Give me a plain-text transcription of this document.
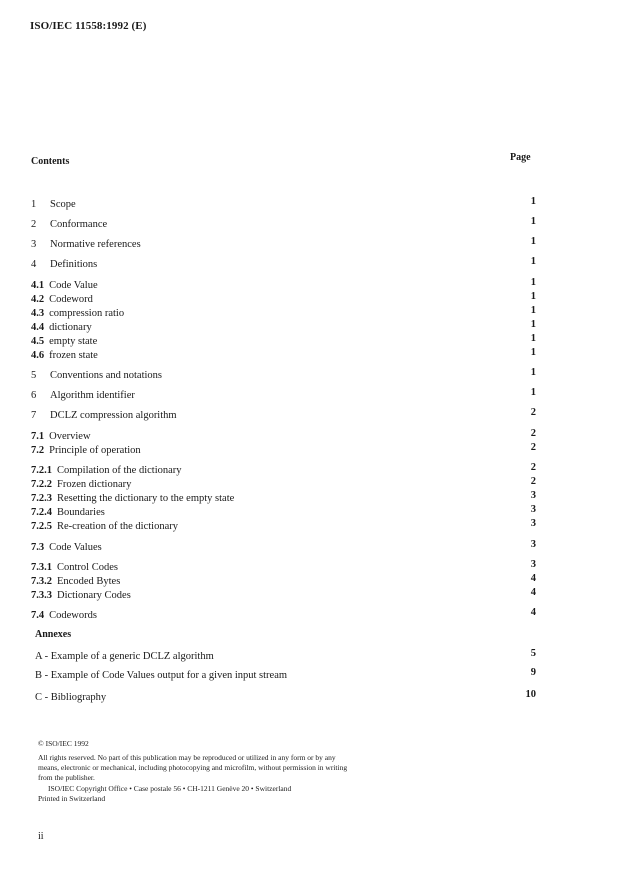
ISO/IEC 11558:1992 (E)
Contents	Page
1 Scope	1
2 Conformance	1
3 Normative references	1
4 Definitions	1
4.1 Code Value	1
4.2 Codeword	1
4.3 compression ratio	1
4.4 dictionary	1
4.5 empty state	1
4.6 frozen state	1
5 Conventions and notations	1
6 Algorithm identifier	1
7 DCLZ compression algorithm	2
7.1 Overview	2
7.2 Principle of operation	2
7.2.1 Compilation of the dictionary	2
7.2.2 Frozen dictionary	2
7.2.3 Resetting the dictionary to the empty state	3
7.2.4 Boundaries	3
7.2.5 Re-creation of the dictionary	3
7.3 Code Values	3
7.3.1 Control Codes	3
7.3.2 Encoded Bytes	4
7.3.3 Dictionary Codes	4
7.4 Codewords	4
Annexes
A - Example of a generic DCLZ algorithm	5
B - Example of Code Values output for a given input stream	9
C - Bibliography	10
© ISO/IEC 1992
All rights reserved. No part of this publication may be reproduced or utilized in any form or by any
means, electronic or mechanical, including photocopying and microfilm, without permission in writing
from the publisher.
ISO/IEC Copyright Office • Case postale 56 • CH-1211 Genève 20 • Switzerland
Printed in Switzerland
ii
